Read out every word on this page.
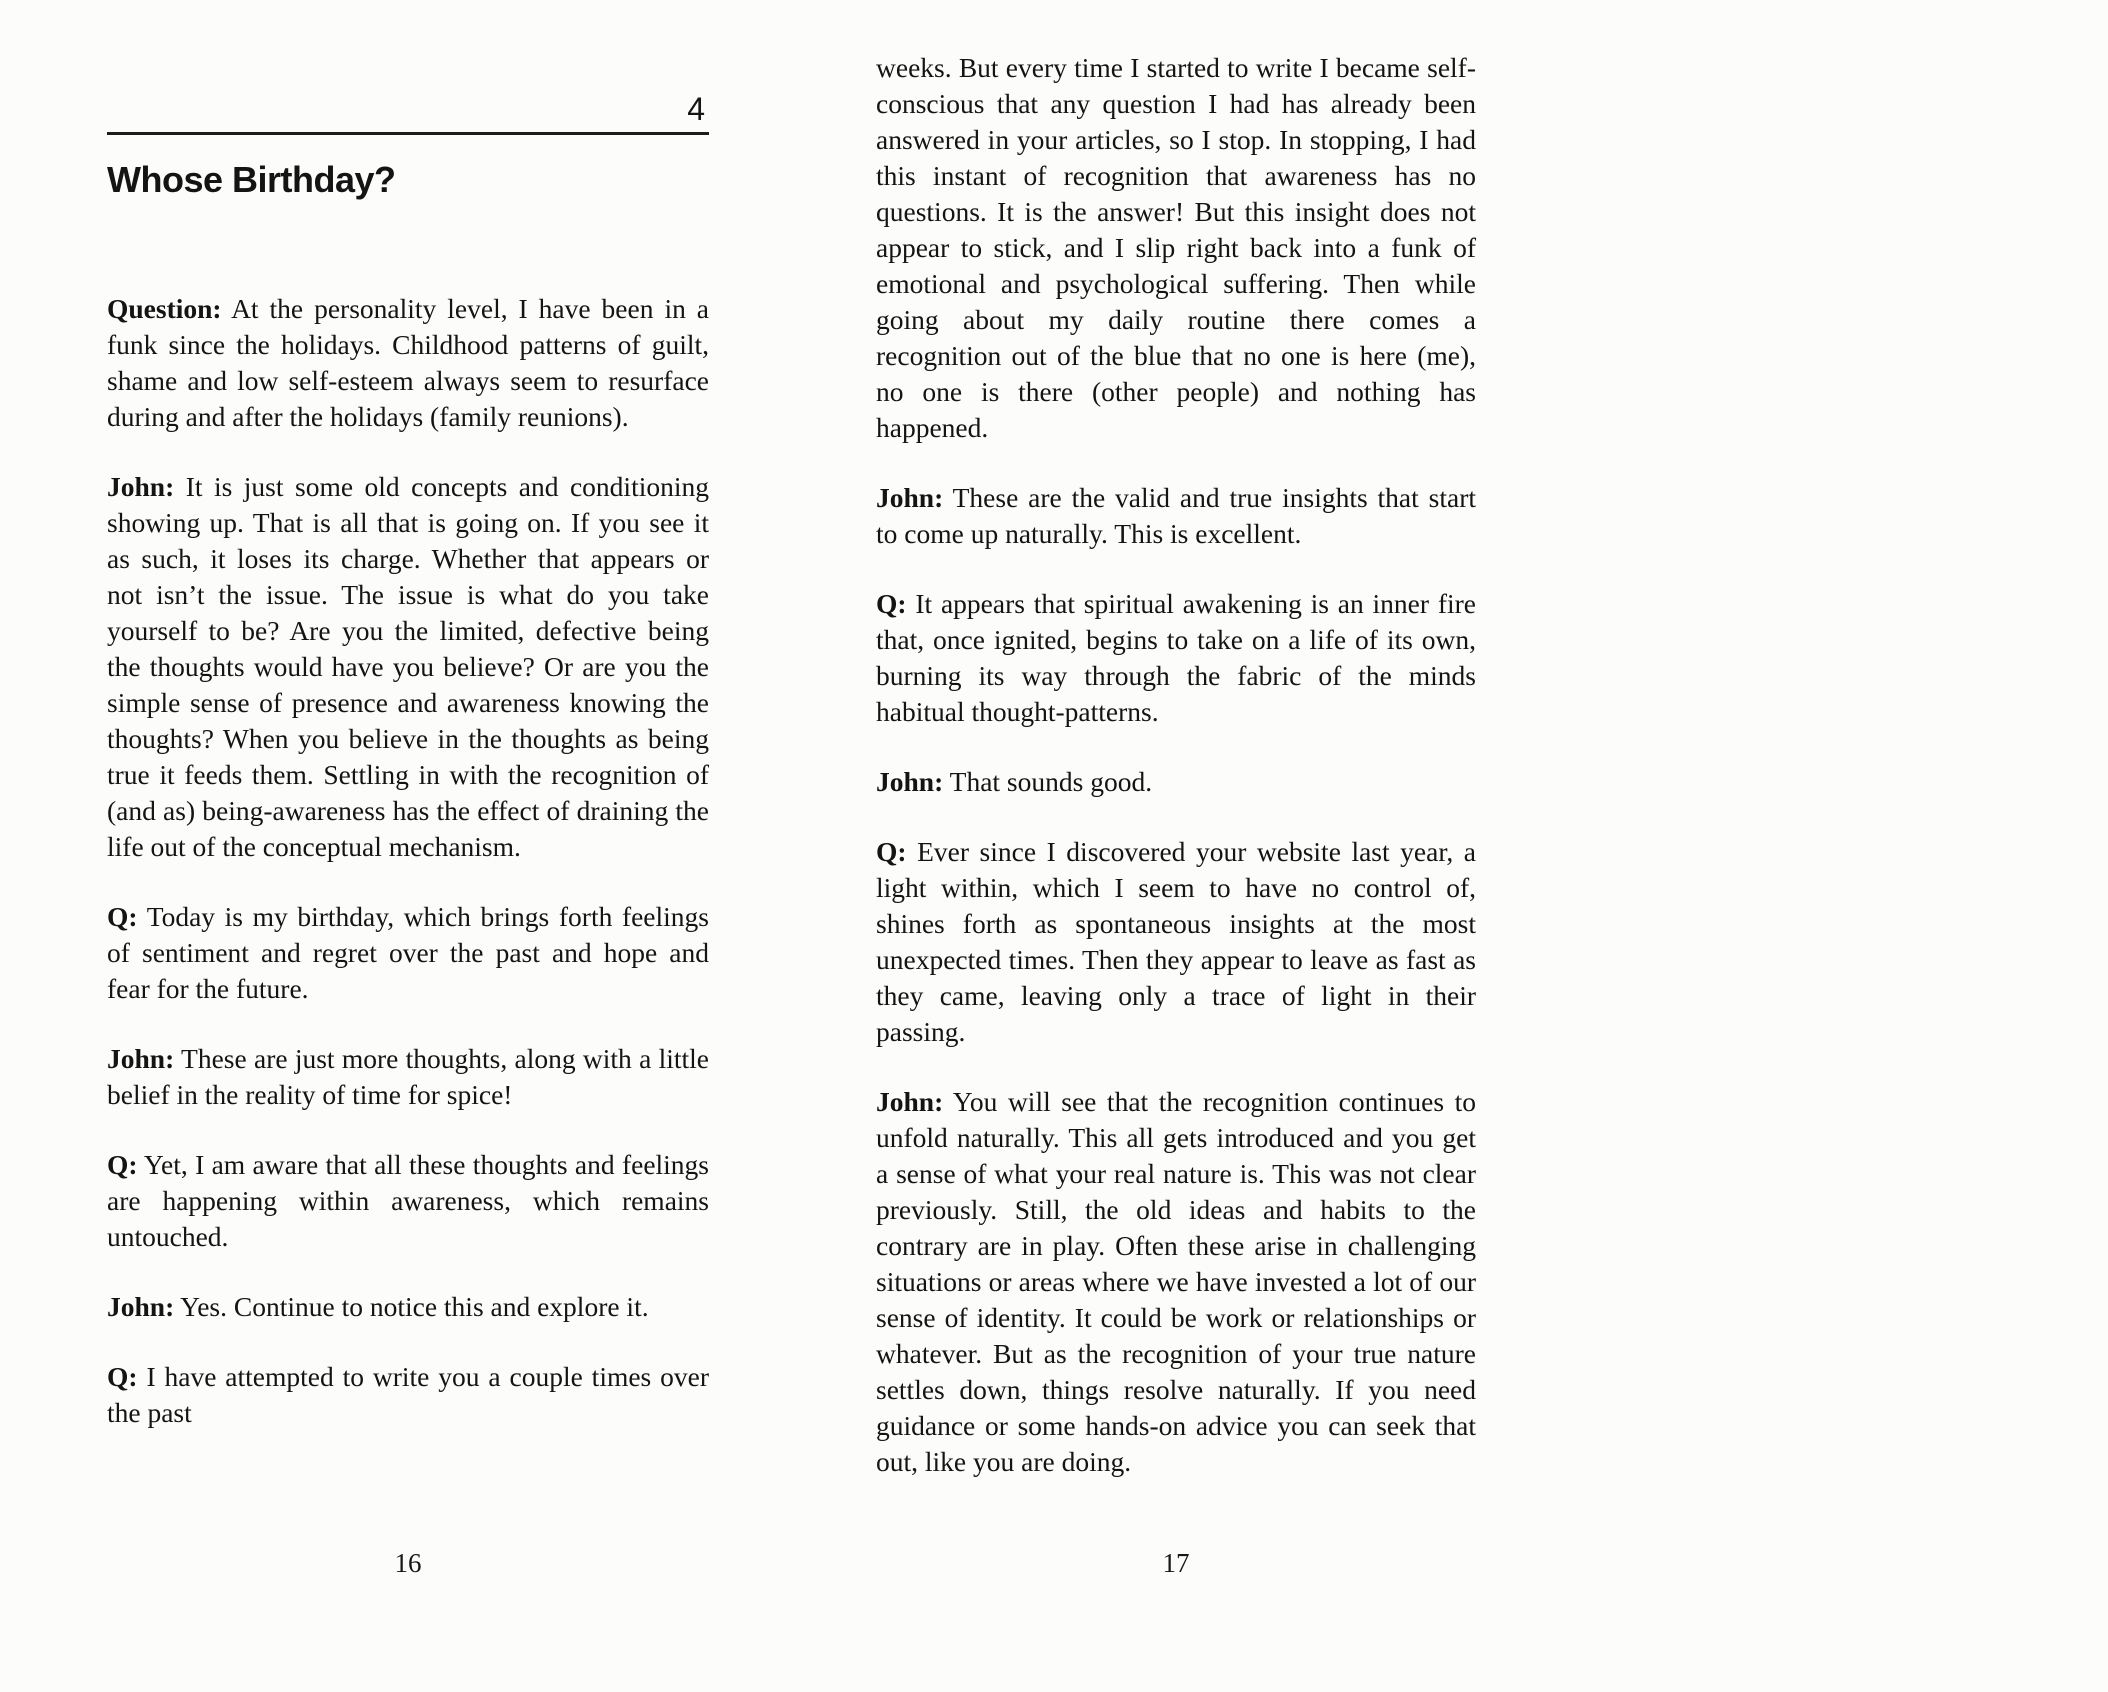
4
Whose Birthday?

Question: At the personality level, I have been in a funk since the holidays. Childhood patterns of guilt, shame and low self-esteem always seem to resurface during and after the holidays (family reunions).

John: It is just some old concepts and conditioning showing up. That is all that is going on. If you see it as such, it loses its charge. Whether that appears or not isn’t the issue. The issue is what do you take yourself to be? Are you the limited, defective being the thoughts would have you believe? Or are you the simple sense of presence and awareness knowing the thoughts? When you believe in the thoughts as being true it feeds them. Settling in with the recognition of (and as) being-awareness has the effect of draining the life out of the conceptual mechanism.

Q: Today is my birthday, which brings forth feelings of sentiment and regret over the past and hope and fear for the future.

John: These are just more thoughts, along with a little belief in the reality of time for spice!

Q: Yet, I am aware that all these thoughts and feelings are happening within awareness, which remains untouched.

John: Yes. Continue to notice this and explore it.

Q: I have attempted to write you a couple times over the past

16

weeks. But every time I started to write I became self-conscious that any question I had has already been answered in your articles, so I stop. In stopping, I had this instant of recognition that awareness has no questions. It is the answer! But this insight does not appear to stick, and I slip right back into a funk of emotional and psychological suffering. Then while going about my daily routine there comes a recognition out of the blue that no one is here (me), no one is there (other people) and nothing has happened.

John: These are the valid and true insights that start to come up naturally. This is excellent.

Q: It appears that spiritual awakening is an inner fire that, once ignited, begins to take on a life of its own, burning its way through the fabric of the minds habitual thought-patterns.

John: That sounds good.

Q: Ever since I discovered your website last year, a light within, which I seem to have no control of, shines forth as spontaneous insights at the most unexpected times. Then they appear to leave as fast as they came, leaving only a trace of light in their passing.

John: You will see that the recognition continues to unfold naturally. This all gets introduced and you get a sense of what your real nature is. This was not clear previously. Still, the old ideas and habits to the contrary are in play. Often these arise in challenging situations or areas where we have invested a lot of our sense of identity. It could be work or relationships or whatever. But as the recognition of your true nature settles down, things resolve naturally. If you need guidance or some hands-on advice you can seek that out, like you are doing.

17
